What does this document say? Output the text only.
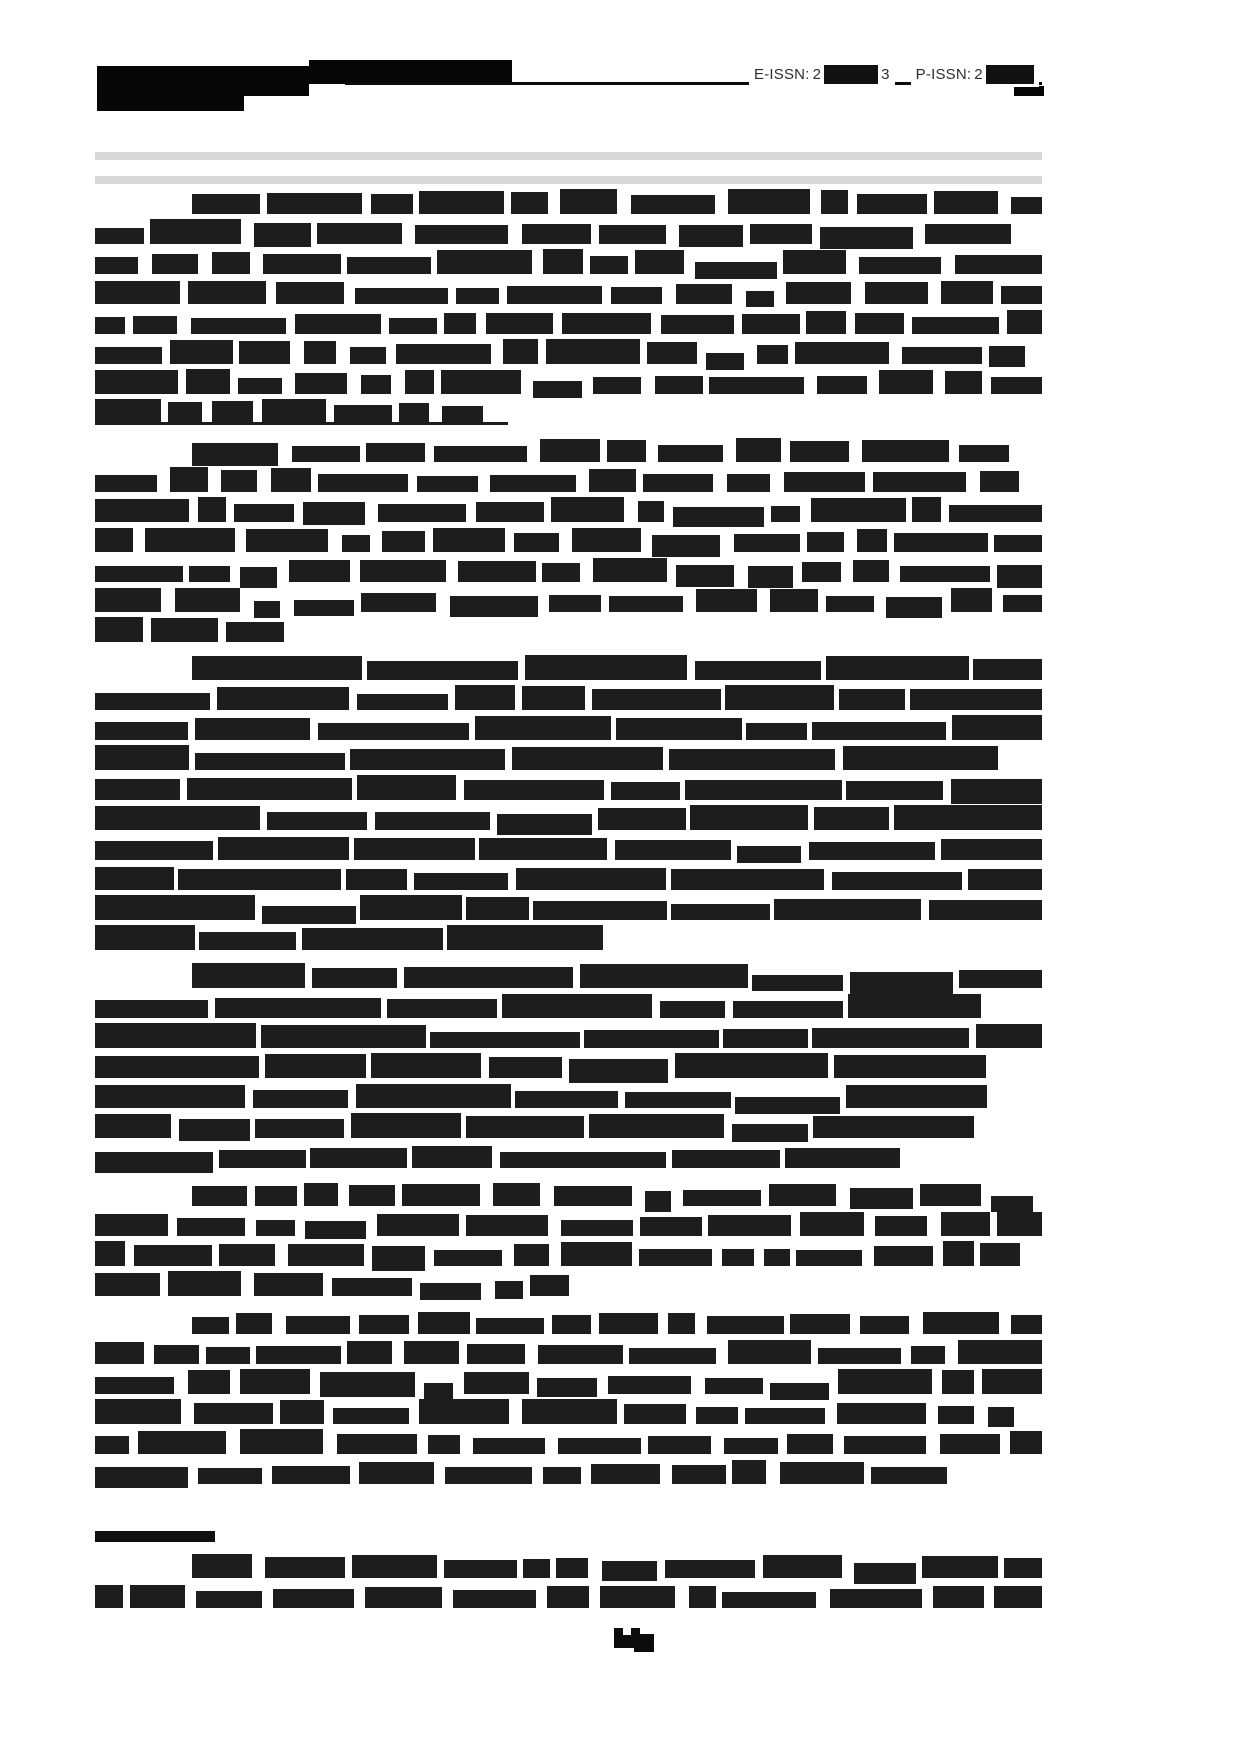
E-ISSN: 2	3 P-ISSN: 2
